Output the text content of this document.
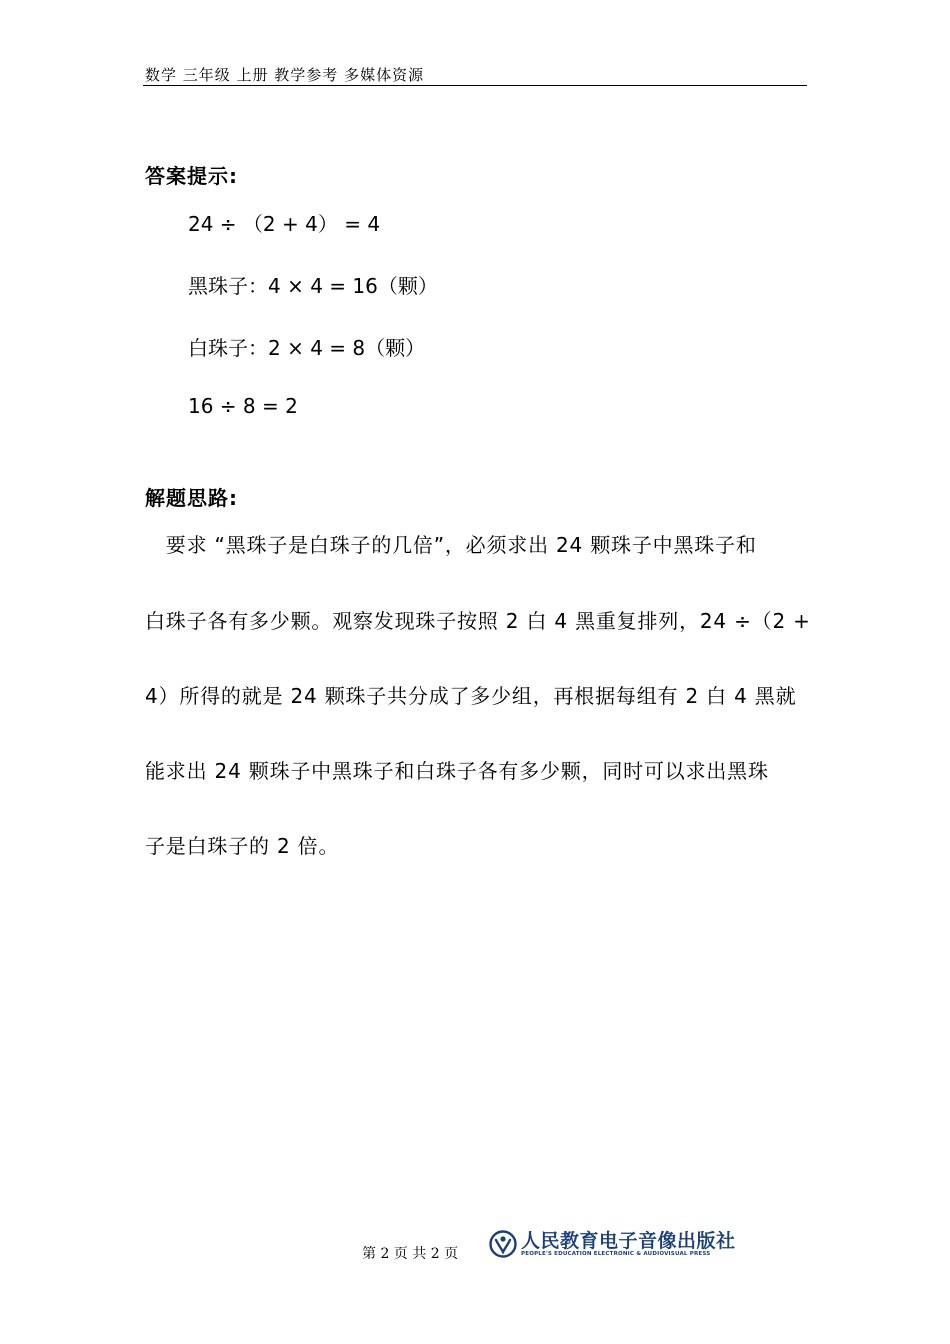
数学 三年级 上册 教学参考 多媒体资源
答案提示:
24 ÷ （2 + 4） = 4
黑珠子：4 × 4 = 16（颗）
白珠子：2 × 4 = 8（颗）
16 ÷ 8 = 2
解题思路:
　要求 “黑珠子是白珠子的几倍”，必须求出 24 颗珠子中黑珠子和
白珠子各有多少颗。观察发现珠子按照 2 白 4 黑重复排列，24 ÷（2 +
4）所得的就是 24 颗珠子共分成了多少组，再根据每组有 2 白 4 黑就
能求出 24 颗珠子中黑珠子和白珠子各有多少颗，同时可以求出黑珠
子是白珠子的 2 倍。
第 2 页 共 2 页
人民教育电子音像出版社
PEOPLE'S EDUCATION ELECTRONIC & AUDIOVISUAL PRESS
